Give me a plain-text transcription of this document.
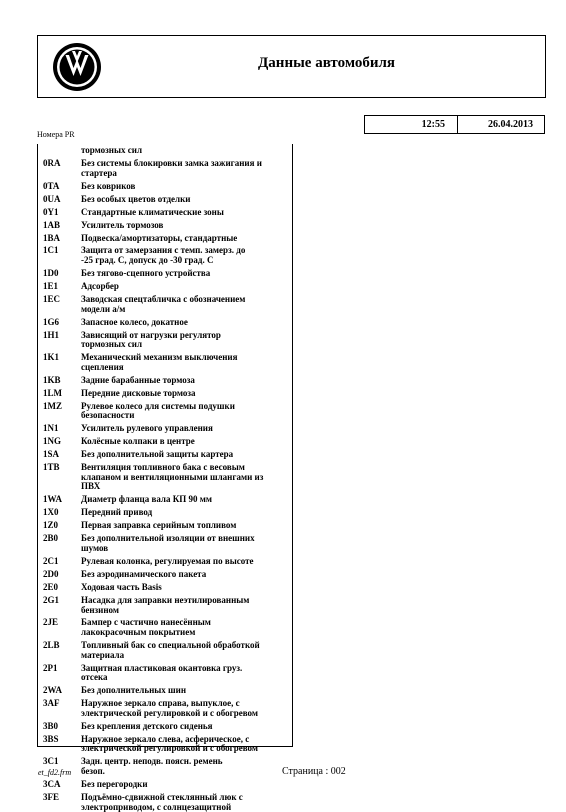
Данные автомобиля
12:55	26.04.2013
Номера PR
тормозных сил
0RA	Без системы блокировки замка зажигания и
стартера
0TA	Без ковриков
0UA	Без особых цветов отделки
0Y1	Стандартные климатические зоны
1AB	Усилитель тормозов
1BA	Подвеска/амортизаторы, стандартные
1C1	Защита от замерзания с темп. замерз. до
-25 град. С, допуск до -30 град. С
1D0	Без тягово-сцепного устройства
1E1	Адсорбер
1EC	Заводская спецтабличка с обозначением
модели а/м
1G6	Запасное колесо, докатное
1H1	Зависящий от нагрузки регулятор
тормозных сил
1K1	Механический механизм выключения
сцепления
1KB	Задние барабанные тормоза
1LM	Передние дисковые тормоза
1MZ	Рулевое колесо для системы подушки
безопасности
1N1	Усилитель рулевого управления
1NG	Колёсные колпаки в центре
1SA	Без дополнительной защиты картера
1TB	Вентиляция топливного бака с весовым
клапаном и вентиляционными шлангами из
ПВХ
1WA	Диаметр фланца вала КП 90 мм
1X0	Передний привод
1Z0	Первая заправка серийным топливом
2B0	Без дополнительной изоляции от внешних
шумов
2C1	Рулевая колонка, регулируемая по высоте
2D0	Без аэродинамического пакета
2E0	Ходовая часть Basis
2G1	Насадка для заправки неэтилированным
бензином
2JE	Бампер с частично нанесённым
лакокрасочным покрытием
2LB	Топливный бак со специальной обработкой
материала
2P1	Защитная пластиковая окантовка груз.
отсека
2WA	Без дополнительных шин
3AF	Наружное зеркало справа, выпуклое, с
электрической регулировкой и с обогревом
3B0	Без крепления детского сиденья
3BS	Наружное зеркало слева, асферическое, с
электрической регулировкой и с обогревом
3C1	Задн. центр. неподв. поясн. ремень
безоп.
3CA	Без перегородки
3FE	Подъёмно-сдвижной стеклянный люк с
электроприводом, с солнцезащитной
et_fd2.frm	Страница : 002
